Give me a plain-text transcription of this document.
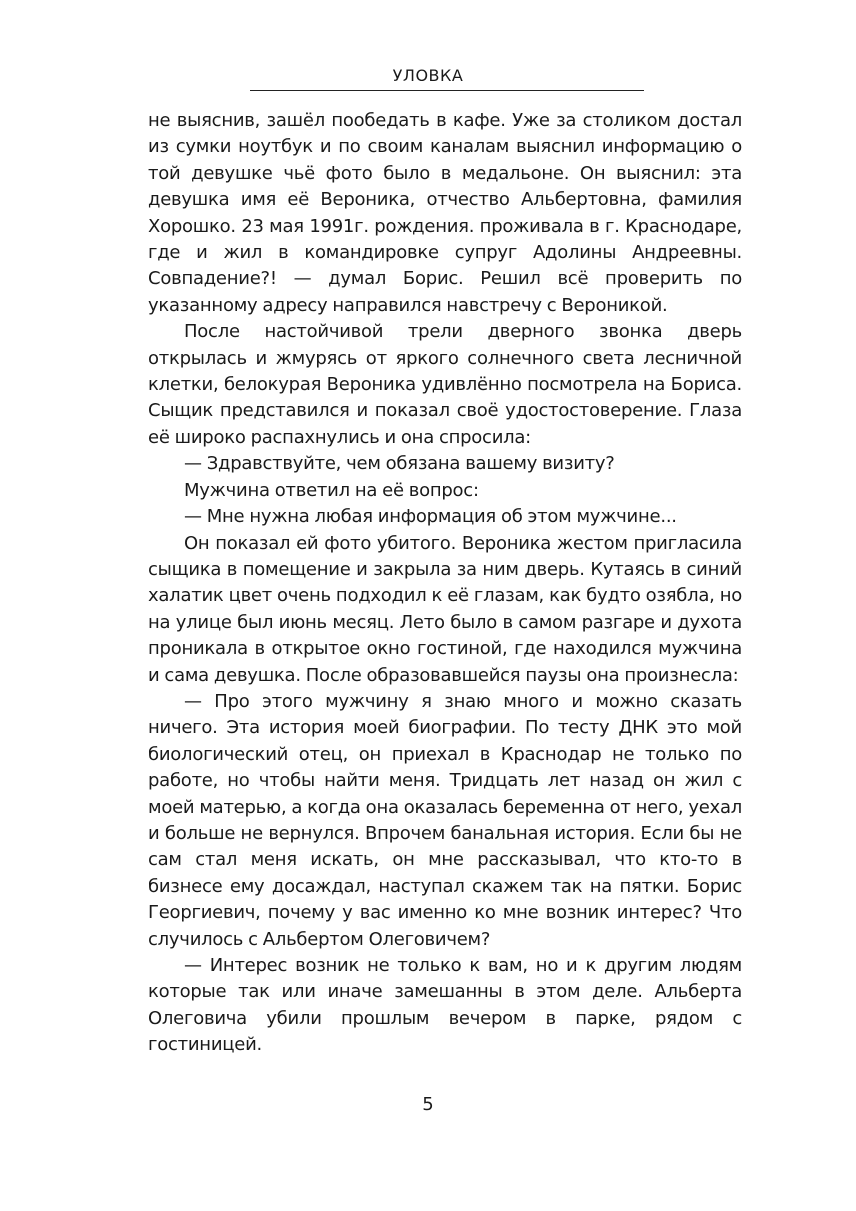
УЛОВКА

не выяснив, зашёл пообедать в кафе. Уже за столиком достал из сумки ноутбук и по своим каналам выяснил информацию о той девушке чьё фото было в медальоне. Он выяснил: эта девушка имя её Вероника, отчество Альбертовна, фамилия Хорошко. 23 мая 1991г. рождения. проживала в г. Краснодаре, где и жил в командировке супруг Адолины Андреевны. Совпадение?! — думал Борис. Решил всё проверить по указанному адресу направился навстречу с Вероникой.

После настойчивой трели дверного звонка дверь открылась и жмурясь от яркого солнечного света лесничной клетки, белокурая Вероника удивлённо посмотрела на Бориса. Сыщик представился и показал своё удостостоверение. Глаза её широко распахнулись и она спросила:

— Здравствуйте, чем обязана вашему визиту?

Мужчина ответил на её вопрос:

— Мне нужна любая информация об этом мужчине...

Он показал ей фото убитого. Вероника жестом пригласила сыщика в помещение и закрыла за ним дверь. Кутаясь в синий халатик цвет очень подходил к её глазам, как будто озябла, но на улице был июнь месяц. Лето было в самом разгаре и духота проникала в открытое окно гостиной, где находился мужчина и сама девушка. После образовавшейся паузы она произнесла:

— Про этого мужчину я знаю много и можно сказать ничего. Эта история моей биографии. По тесту ДНК это мой биологический отец, он приехал в Краснодар не только по работе, но чтобы найти меня. Тридцать лет назад он жил с моей матерью, а когда она оказалась беременна от него, уехал и больше не вернулся. Впрочем банальная история. Если бы не сам стал меня искать, он мне рассказывал, что кто-то в бизнесе ему досаждал, наступал скажем так на пятки. Борис Георгиевич, почему у вас именно ко мне возник интерес? Что случилось с Альбертом Олеговичем?

— Интерес возник не только к вам, но и к другим людям которые так или иначе замешанны в этом деле. Альберта Олеговича убили прошлым вечером в парке, рядом с гостиницей.

5
